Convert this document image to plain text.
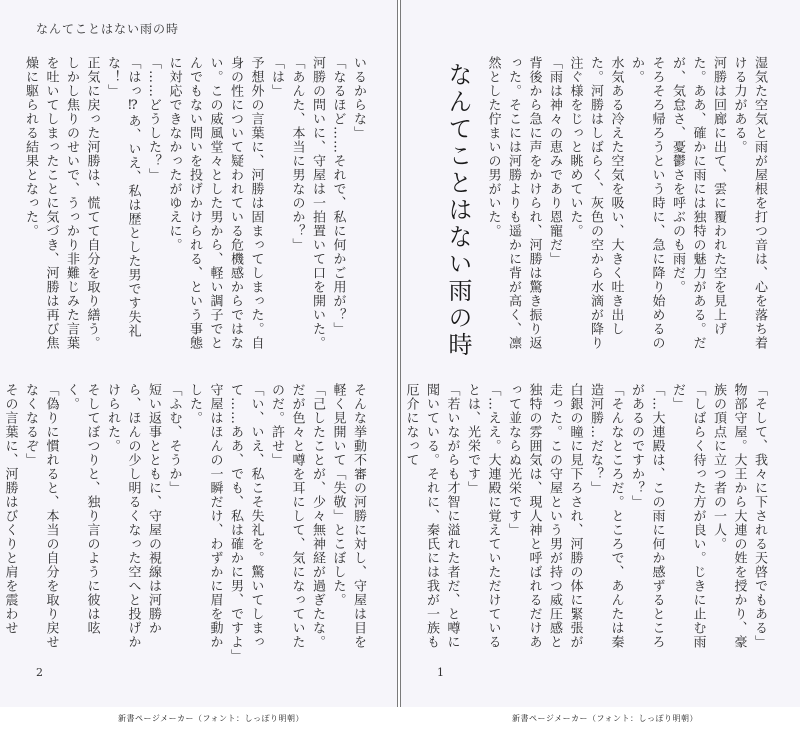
なんてことはない雨の時

いるからな」

「なるほど……それで、私に何かご用が？」

河勝の問いに、守屋は一拍置いて口を開いた。

「あんた、本当に男なのか？」

「は」

予想外の言葉に、河勝は固まってしまった。自身の性について疑われている危機感からではない。この威風堂々とした男から、軽い調子でとんでもない問いを投げかけられる、という事態に対応できなかったがゆえに。

「……どうした？」

「はっ⁉あ、いえ、私は歴とした男です失礼な！」

正気に戻った河勝は、慌てて自分を取り繕う。

しかし焦りのせいで、うっかり非難じみた言葉を吐いてしまったことに気づき、河勝は再び焦燥に駆られる結果となった。

そんな挙動不審の河勝に対し、守屋は目を軽く見開いて「失敬」とこぼした。

「己したことが、少々無神経が過ぎたな。だが色々と噂を耳にして、気になっていたのだ。許せ」

「い、いえ、私こそ失礼を。驚いてしまって……ああ、でも、私は確かに男、ですよ」

守屋はほんの一瞬だけ、わずかに眉を動かした。

「ふむ、そうか」

短い返事とともに、守屋の視線は河勝から、ほんの少し明るくなった空へと投げかけられた。

そしてぼつりと、独り言のように彼は呟く。

「偽りに慣れると、本当の自分を取り戻せなくなるぞ」

その言葉に、河勝はびくりと肩を震わせ

2

湿気た空気と雨が屋根を打つ音は、心を落ち着ける力がある。

河勝は回廊に出て、雲に覆われた空を見上げた。ああ、確かに雨には独特の魅力がある。だが、気怠さ、憂鬱さを呼ぶのも雨だ。

そろそろ帰ろうという時に、急に降り始めるのか。

水気ある冷えた空気を吸い、大きく吐き出した。河勝はしばらく、灰色の空から水滴が降り注ぐ様をじっと眺めていた。

「雨は神々の恵みであり恩寵だ」

背後から急に声をかけられ、河勝は驚き振り返った。そこには河勝よりも遥かに背が高く、凛然とした佇まいの男がいた。

なんてことはない雨の時

「そして、我々に下される天啓でもある」

物部守屋。大王から大連の姓を授かり、豪族の頂点に立つ者の一人。

「しばらく待った方が良い。じきに止む雨だ」

「…大連殿は、この雨に何か感ずるところがあるのですか？」

「そんなところだ。ところで、あんたは秦造河勝…だな？」

白銀の瞳に見下ろされ、河勝の体に緊張が走った。この守屋という男が持つ威圧感と独特の雰囲気は、現人神と呼ばれるだけあって並ならぬ光栄です」

「…ええ。大連殿に覚えていただけているとは、光栄です」

「若いながらも才智に溢れた者だ、と噂に聞いている。それに、秦氏には我が一族も厄介になって

1
新書ページメーカー（フォント：しっぽり明朝）	新書ページメーカー（フォント：しっぽり明朝）
